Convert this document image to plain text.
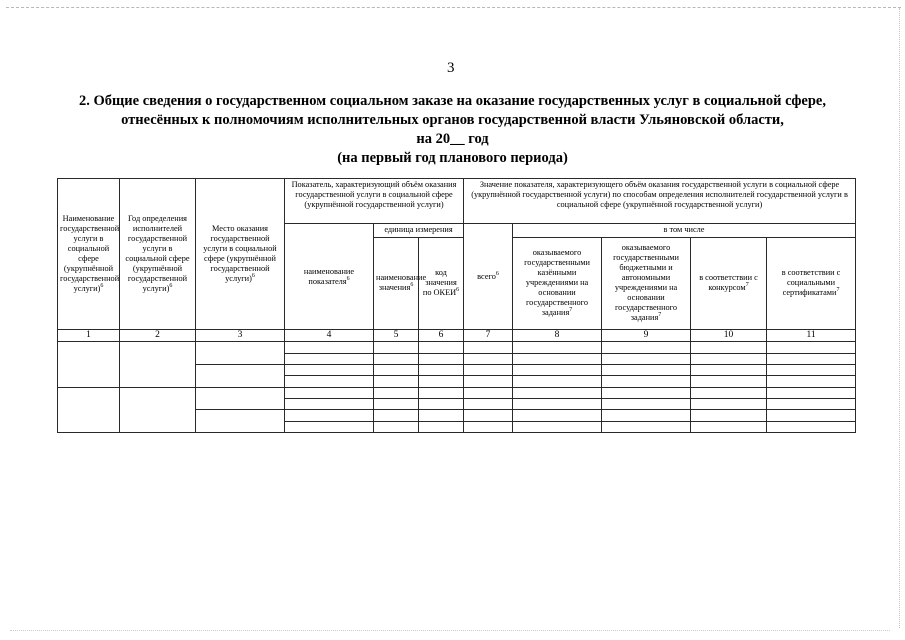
3
2. Общие сведения о государственном социальном заказе на оказание государственных услуг в социальной сфере,
отнесённых к полномочиям исполнительных органов государственной власти Ульяновской области,
на 20__ год
(на первый год планового периода)
Наименование государственной услуги в социальной сфере (укрупнённой государственной услуги)$^6$	Год определения исполнителей государственной услуги в социальной сфере (укрупнённой государственной услуги)$^6$	Место оказания государственной услуги в социальной сфере (укрупнённой государственной услуги)$^6$	Показатель, характеризующий объём оказания государственной услуги в социальной сфере (укрупнённой государственной услуги)			Значение показателя, характеризующего объём оказания государственной услуги в социальной сфере (укрупнённой государственной услуги) по способам определения исполнителей государственной услуги в социальной сфере (укрупнённой государственной услуги)				
			наименование показателя$^6$	единица измерения		всего$^6$	в том числе			
				наименование значения$^6$	код значения по ОКЕИ$^6$		оказываемого государственными казёнными учреждениями на основании государственного задания$^7$	оказываемого государственными бюджетными и автономными учреждениями на основании государственного задания$^7$	в соответствии с конкурсом$^7$	в соответствии с социальными сертификатами$^7$
1	2	3	4	5	6	7	8	9	10	11
